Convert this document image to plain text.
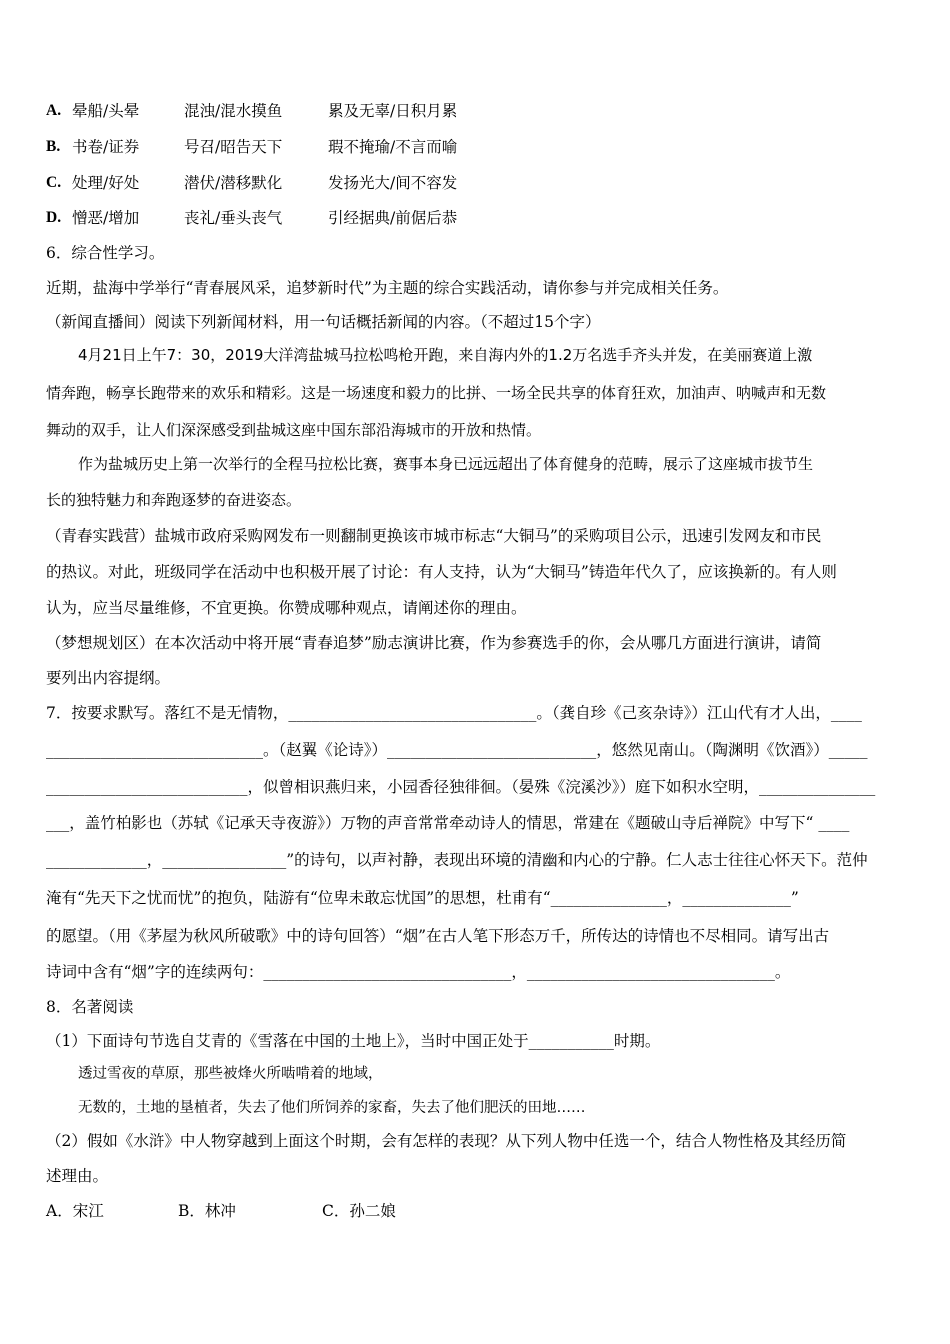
A. 晕船/头晕	混浊/混水摸鱼	累及无辜/日积月累
B. 书卷/证券	号召/昭告天下	瑕不掩瑜/不言而喻
C. 处理/好处	潜伏/潜移默化	发扬光大/间不容发
D. 憎恶/增加	丧礼/垂头丧气	引经据典/前倨后恭
6．综合性学习。
近期，盐海中学举行“青春展风采，追梦新时代”为主题的综合实践活动，请你参与并完成相关任务。
（新闻直播间）阅读下列新闻材料，用一句话概括新闻的内容。（不超过15个字）
4月21日上午7：30，2019大洋湾盐城马拉松鸣枪开跑，来自海内外的1.2万名选手齐头并发，在美丽赛道上激
情奔跑，畅享长跑带来的欢乐和精彩。这是一场速度和毅力的比拼、一场全民共享的体育狂欢，加油声、呐喊声和无数
舞动的双手，让人们深深感受到盐城这座中国东部沿海城市的开放和热情。
作为盐城历史上第一次举行的全程马拉松比赛，赛事本身已远远超出了体育健身的范畴，展示了这座城市拔节生
长的独特魅力和奔跑逐梦的奋进姿态。
（青春实践营）盐城市政府采购网发布一则翻制更换该市城市标志“大铜马”的采购项目公示，迅速引发网友和市民
的热议。对此，班级同学在活动中也积极开展了讨论：有人支持，认为“大铜马”铸造年代久了，应该换新的。有人则
认为，应当尽量维修，不宜更换。你赞成哪种观点，请阐述你的理由。
（梦想规划区）在本次活动中将开展“青春追梦”励志演讲比赛，作为参赛选手的你，会从哪几方面进行演讲，请简
要列出内容提纲。
7．按要求默写。落红不是无情物，________________________________。（龚自珍《己亥杂诗》）江山代有才人出，____
____________________________。（赵翼《论诗》）___________________________，悠然见南山。（陶渊明《饮酒》）_____
__________________________，似曾相识燕归来，小园香径独徘徊。（晏殊《浣溪沙》）庭下如积水空明，_______________
___，盖竹柏影也（苏轼《记承天寺夜游》）万物的声音常常牵动诗人的情思，常建在《题破山寺后禅院》中写下“ ____
_____________，________________”的诗句，以声衬静，表现出环境的清幽和内心的宁静。仁人志士往往心怀天下。范仲
淹有“先天下之忧而忧”的抱负，陆游有“位卑未敢忘忧国”的思想，杜甫有“_______________，______________”
的愿望。（用《茅屋为秋风所破歌》中的诗句回答）“烟”在古人笔下形态万千，所传达的诗情也不尽相同。请写出古
诗词中含有“烟”字的连续两句：________________________________，________________________________。
8．名著阅读
（1）下面诗句节选自艾青的《雪落在中国的土地上》，当时中国正处于___________时期。
透过雪夜的草原，那些被烽火所啮啃着的地域，
无数的，土地的垦植者，失去了他们所饲养的家畜，失去了他们肥沃的田地……
（2）假如《水浒》中人物穿越到上面这个时期，会有怎样的表现？从下列人物中任选一个，结合人物性格及其经历简
述理由。
A．宋江	B．林冲	C．孙二娘
